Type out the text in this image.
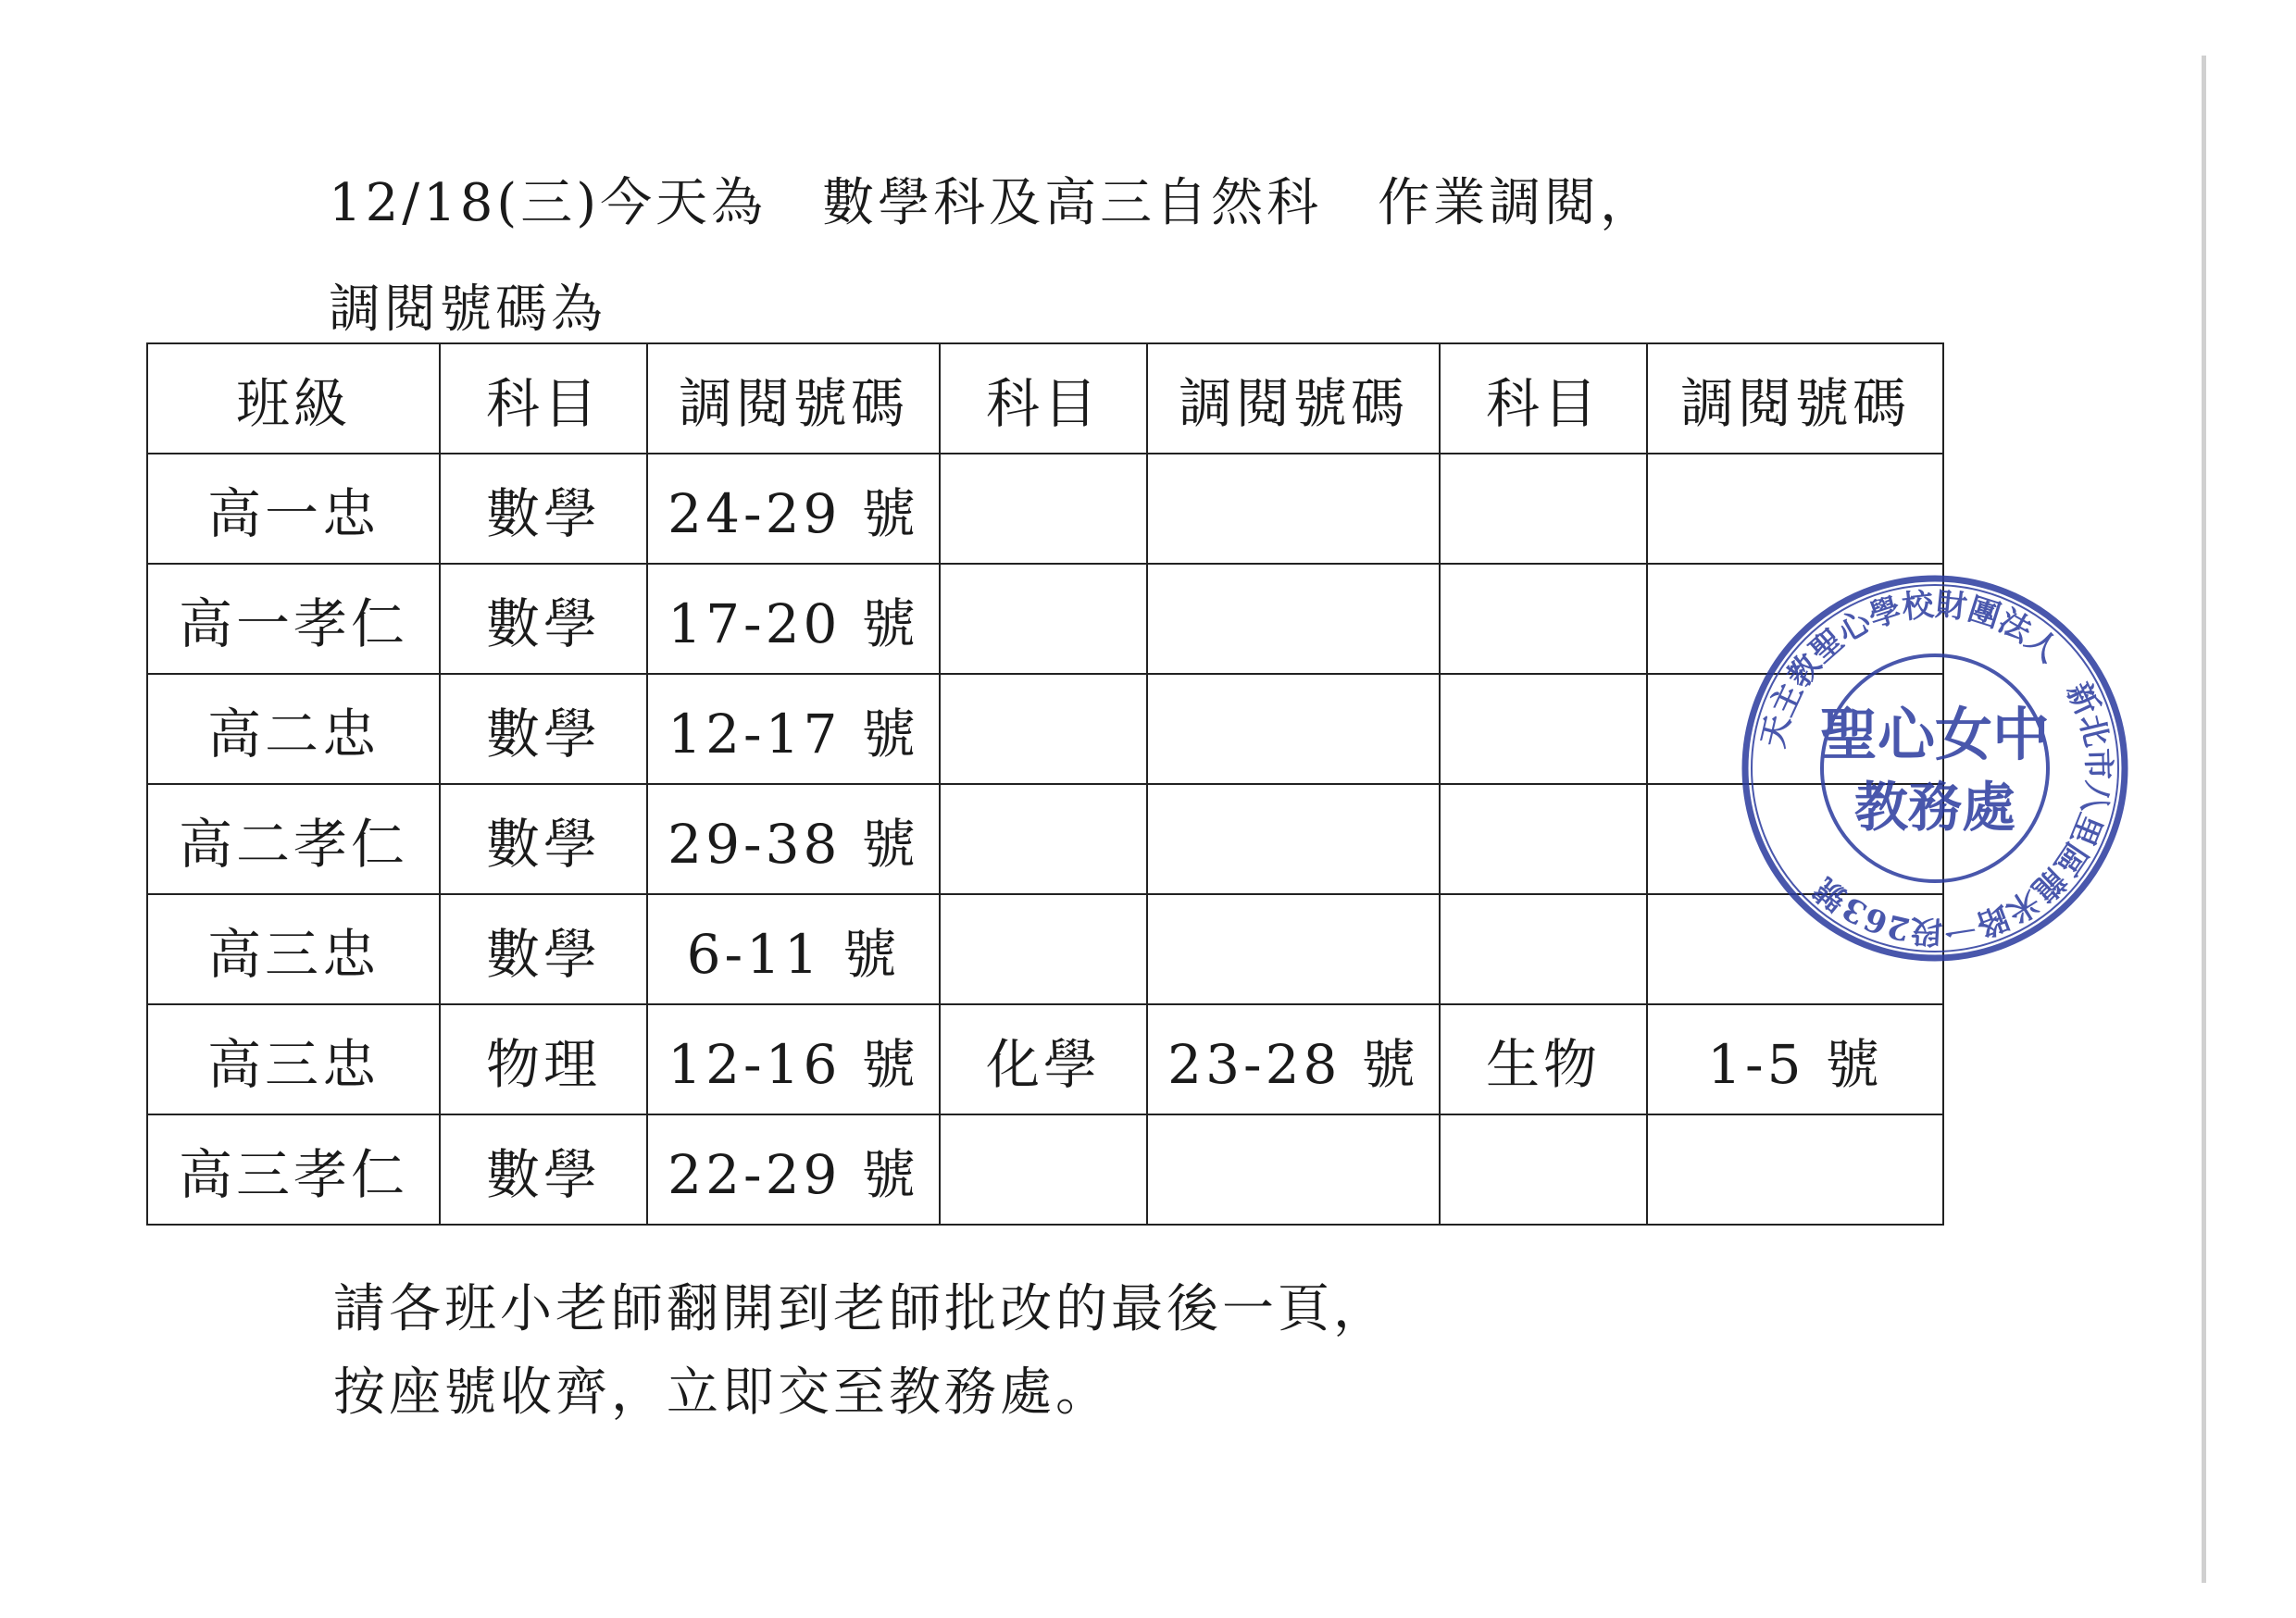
12/18(三)今天為　數學科及高三自然科　作業調閱，
調閱號碼為
班級	科目	調閱號碼	科目	調閱號碼	科目	調閱號碼
高一忠	數學	24-29 號				
高一孝仁	數學	17-20 號				
高二忠	數學	12-17 號				
高二孝仁	數學	29-38 號				
高三忠	數學	6-11 號				
高三忠	物理	12-16 號	化學	23-28 號	生物	1-5 號
高三孝仁	數學	22-29 號				
請各班小老師翻開到老師批改的最後一頁，
按座號收齊，立即交至教務處。
天主教聖心學校財團法人　新北市八里區龍米路一段263號
聖心女中
教務處
